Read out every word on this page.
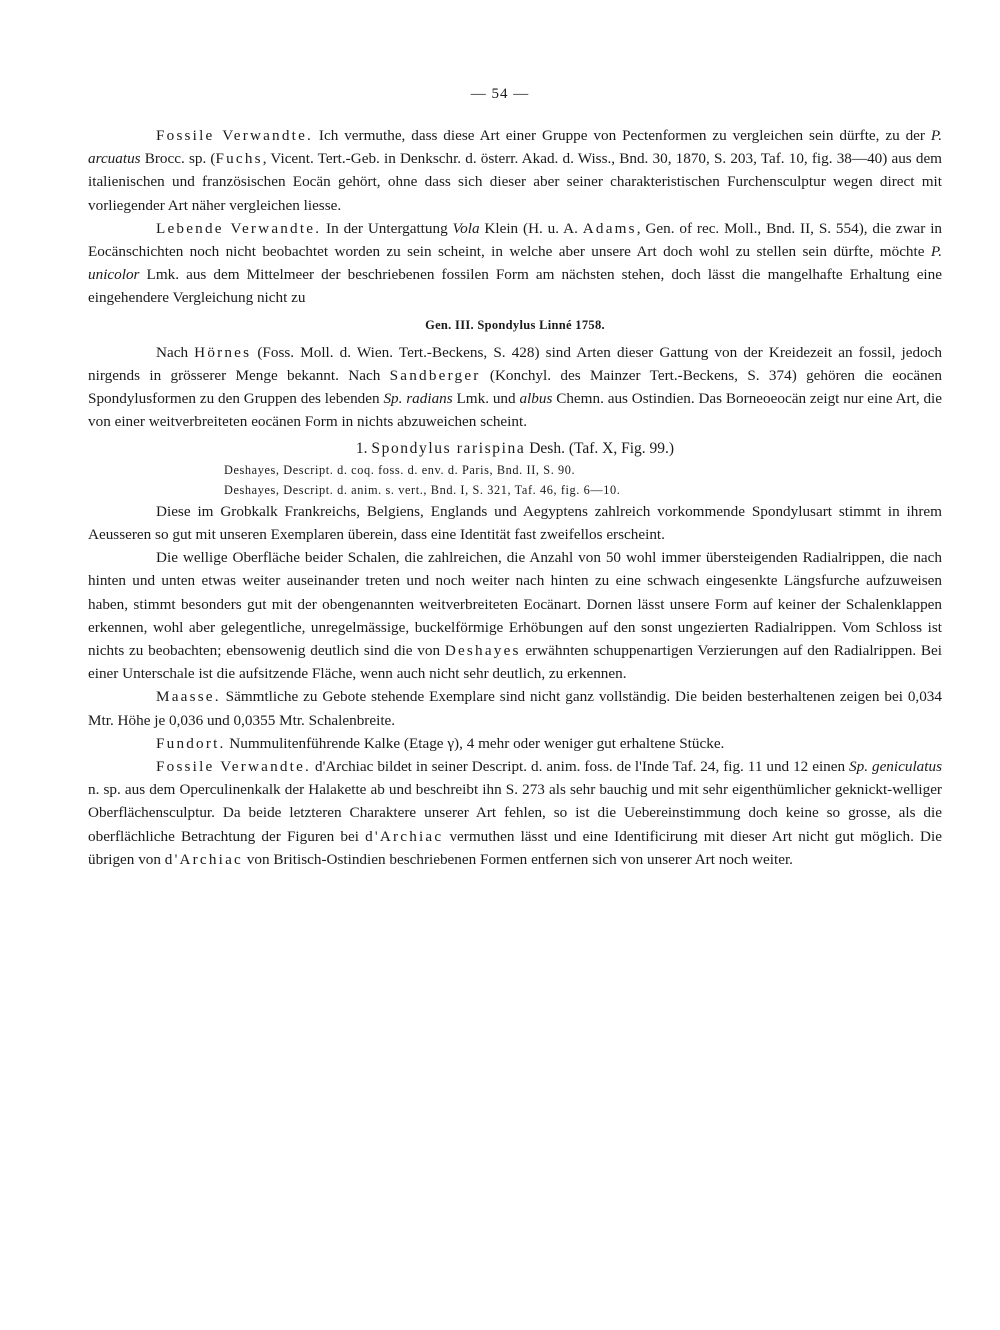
— 54 —

Fossile Verwandte. Ich vermuthe, dass diese Art einer Gruppe von Pectenformen zu vergleichen sein dürfte, zu der P. arcuatus Brocc. sp. (Fuchs, Vicent. Tert.-Geb. in Denkschr. d. österr. Akad. d. Wiss., Bnd. 30, 1870, S. 203, Taf. 10, fig. 38—40) aus dem italienischen und französischen Eocän gehört, ohne dass sich dieser aber seiner charakteristischen Furchensculptur wegen direct mit vorliegender Art näher vergleichen liesse.

Lebende Verwandte. In der Untergattung Vola Klein (H. u. A. Adams, Gen. of rec. Moll., Bnd. II, S. 554), die zwar in Eocänschichten noch nicht beobachtet worden zu sein scheint, in welche aber unsere Art doch wohl zu stellen sein dürfte, möchte P. unicolor Lmk. aus dem Mittelmeer der beschriebenen fossilen Form am nächsten stehen, doch lässt die mangelhafte Erhaltung eine eingehendere Vergleichung nicht zu

Gen. III. Spondylus Linné 1758.

Nach Hörnes (Foss. Moll. d. Wien. Tert.-Beckens, S. 428) sind Arten dieser Gattung von der Kreidezeit an fossil, jedoch nirgends in grösserer Menge bekannt. Nach Sandberger (Konchyl. des Mainzer Tert.-Beckens, S. 374) gehören die eocänen Spondylusformen zu den Gruppen des lebenden Sp. radians Lmk. und albus Chemn. aus Ostindien. Das Borneoeocän zeigt nur eine Art, die von einer weitverbreiteten eocänen Form in nichts abzuweichen scheint.

1. Spondylus rarispina Desh. (Taf. X, Fig. 99.)

Deshayes, Descript. d. coq. foss. d. env. d. Paris, Bnd. II, S. 90.

Deshayes, Descript. d. anim. s. vert., Bnd. I, S. 321, Taf. 46, fig. 6—10.

Diese im Grobkalk Frankreichs, Belgiens, Englands und Aegyptens zahlreich vorkommende Spondylusart stimmt in ihrem Aeusseren so gut mit unseren Exemplaren überein, dass eine Identität fast zweifellos erscheint.

Die wellige Oberfläche beider Schalen, die zahlreichen, die Anzahl von 50 wohl immer übersteigenden Radialrippen, die nach hinten und unten etwas weiter auseinander treten und noch weiter nach hinten zu eine schwach eingesenkte Längsfurche aufzuweisen haben, stimmt besonders gut mit der obengenannten weitverbreiteten Eocänart. Dornen lässt unsere Form auf keiner der Schalenklappen erkennen, wohl aber gelegentliche, unregelmässige, buckelförmige Erhöbungen auf den sonst ungezierten Radialrippen. Vom Schloss ist nichts zu beobachten; ebensowenig deutlich sind die von Deshayes erwähnten schuppenartigen Verzierungen auf den Radialrippen. Bei einer Unterschale ist die aufsitzende Fläche, wenn auch nicht sehr deutlich, zu erkennen.

Maasse. Sämmtliche zu Gebote stehende Exemplare sind nicht ganz vollständig. Die beiden besterhaltenen zeigen bei 0,034 Mtr. Höhe je 0,036 und 0,0355 Mtr. Schalenbreite.

Fundort. Nummulitenführende Kalke (Etage γ), 4 mehr oder weniger gut erhaltene Stücke.

Fossile Verwandte. d'Archiac bildet in seiner Descript. d. anim. foss. de l'Inde Taf. 24, fig. 11 und 12 einen Sp. geniculatus n. sp. aus dem Operculinenkalk der Halakette ab und beschreibt ihn S. 273 als sehr bauchig und mit sehr eigenthümlicher geknickt-welliger Oberflächensculptur. Da beide letzteren Charaktere unserer Art fehlen, so ist die Uebereinstimmung doch keine so grosse, als die oberflächliche Betrachtung der Figuren bei d'Archiac vermuthen lässt und eine Identificirung mit dieser Art nicht gut möglich. Die übrigen von d'Archiac von Britisch-Ostindien beschriebenen Formen entfernen sich von unserer Art noch weiter.
